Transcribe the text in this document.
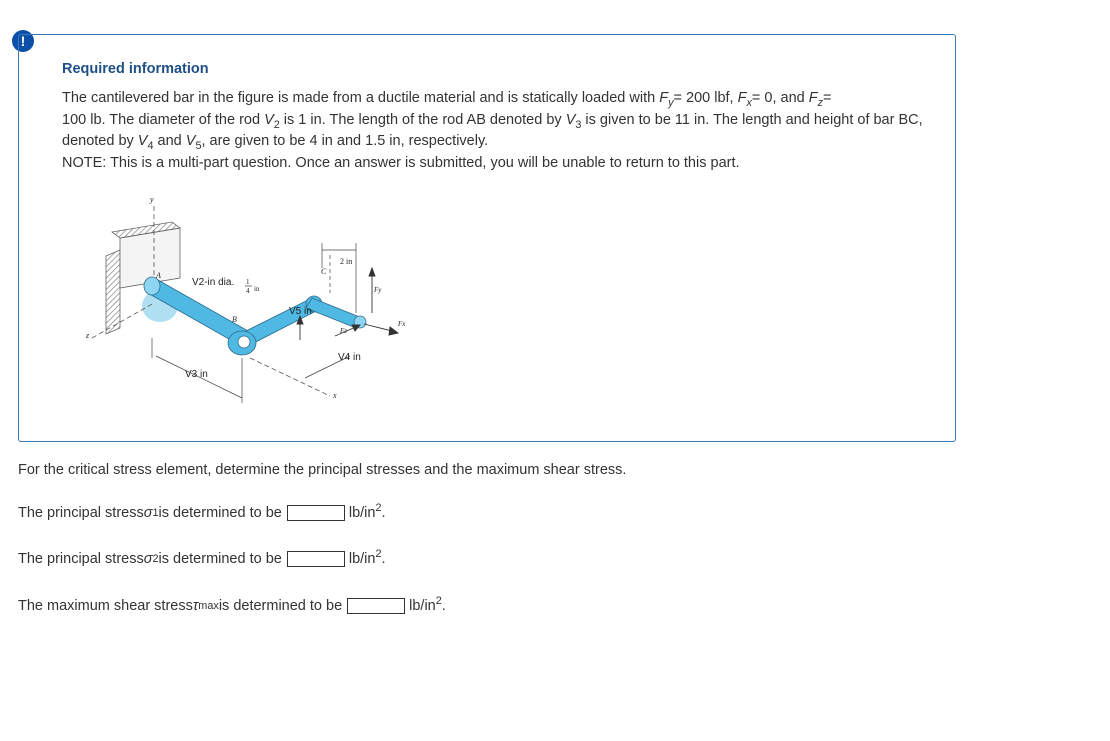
!
Required information

The cantilevered bar in the figure is made from a ductile material and is statically loaded with $F_y= 200$ lbf, $F_x= 0$, and $F_z=$
100 lb. The diameter of the rod $V_2$ is 1 in. The length of the rod AB denoted by $V_3$ is given to be 11 in. The length and height of bar BC, denoted by $V_4$ and $V_5$, are given to be 4 in and 1.5 in, respectively.

NOTE: This is a multi-part question. Once an answer is submitted, you will be unable to return to this part.

y
A
B
C
z
x
V2-in dia. 1
4 in
V5 in
2 in
Fy
Fz
Fx
V4 in
V3 in

For the critical stress element, determine the principal stresses and the maximum shear stress.

The principal stress σ 1 is determined to be	$lb/in^2$.
The principal stress σ 2 is determined to be	$lb/in^2$.
The maximum shear stress τ max is determined to be	$lb/in^2$.
